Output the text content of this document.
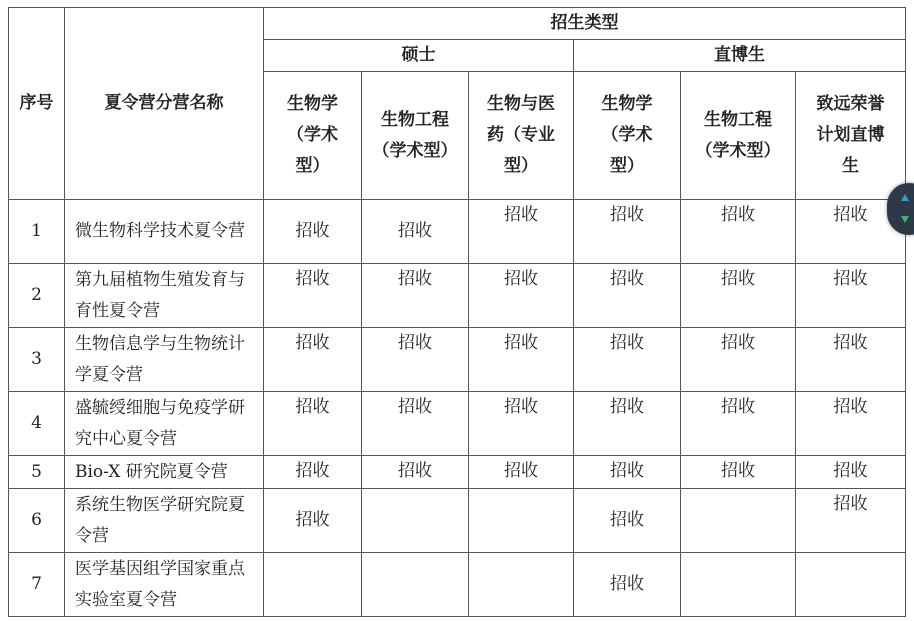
序号	夏令营分营名称	招生类型					
		硕士			直博生		
		生物学（学术型）	生物工程（学术型）	生物与医药（专业型）	生物学（学术型）	生物工程（学术型）	致远荣誉计划直博生
1	微生物科学技术夏令营	招收	招收	招收	招收	招收	招收
2	第九届植物生殖发育与育性夏令营	招收	招收	招收	招收	招收	招收
3	生物信息学与生物统计学夏令营	招收	招收	招收	招收	招收	招收
4	盛毓绶细胞与免疫学研究中心夏令营	招收	招收	招收	招收	招收	招收
5	Bio-X 研究院夏令营	招收	招收	招收	招收	招收	招收
6	系统生物医学研究院夏令营	招收			招收		招收
7	医学基因组学国家重点实验室夏令营				招收		
